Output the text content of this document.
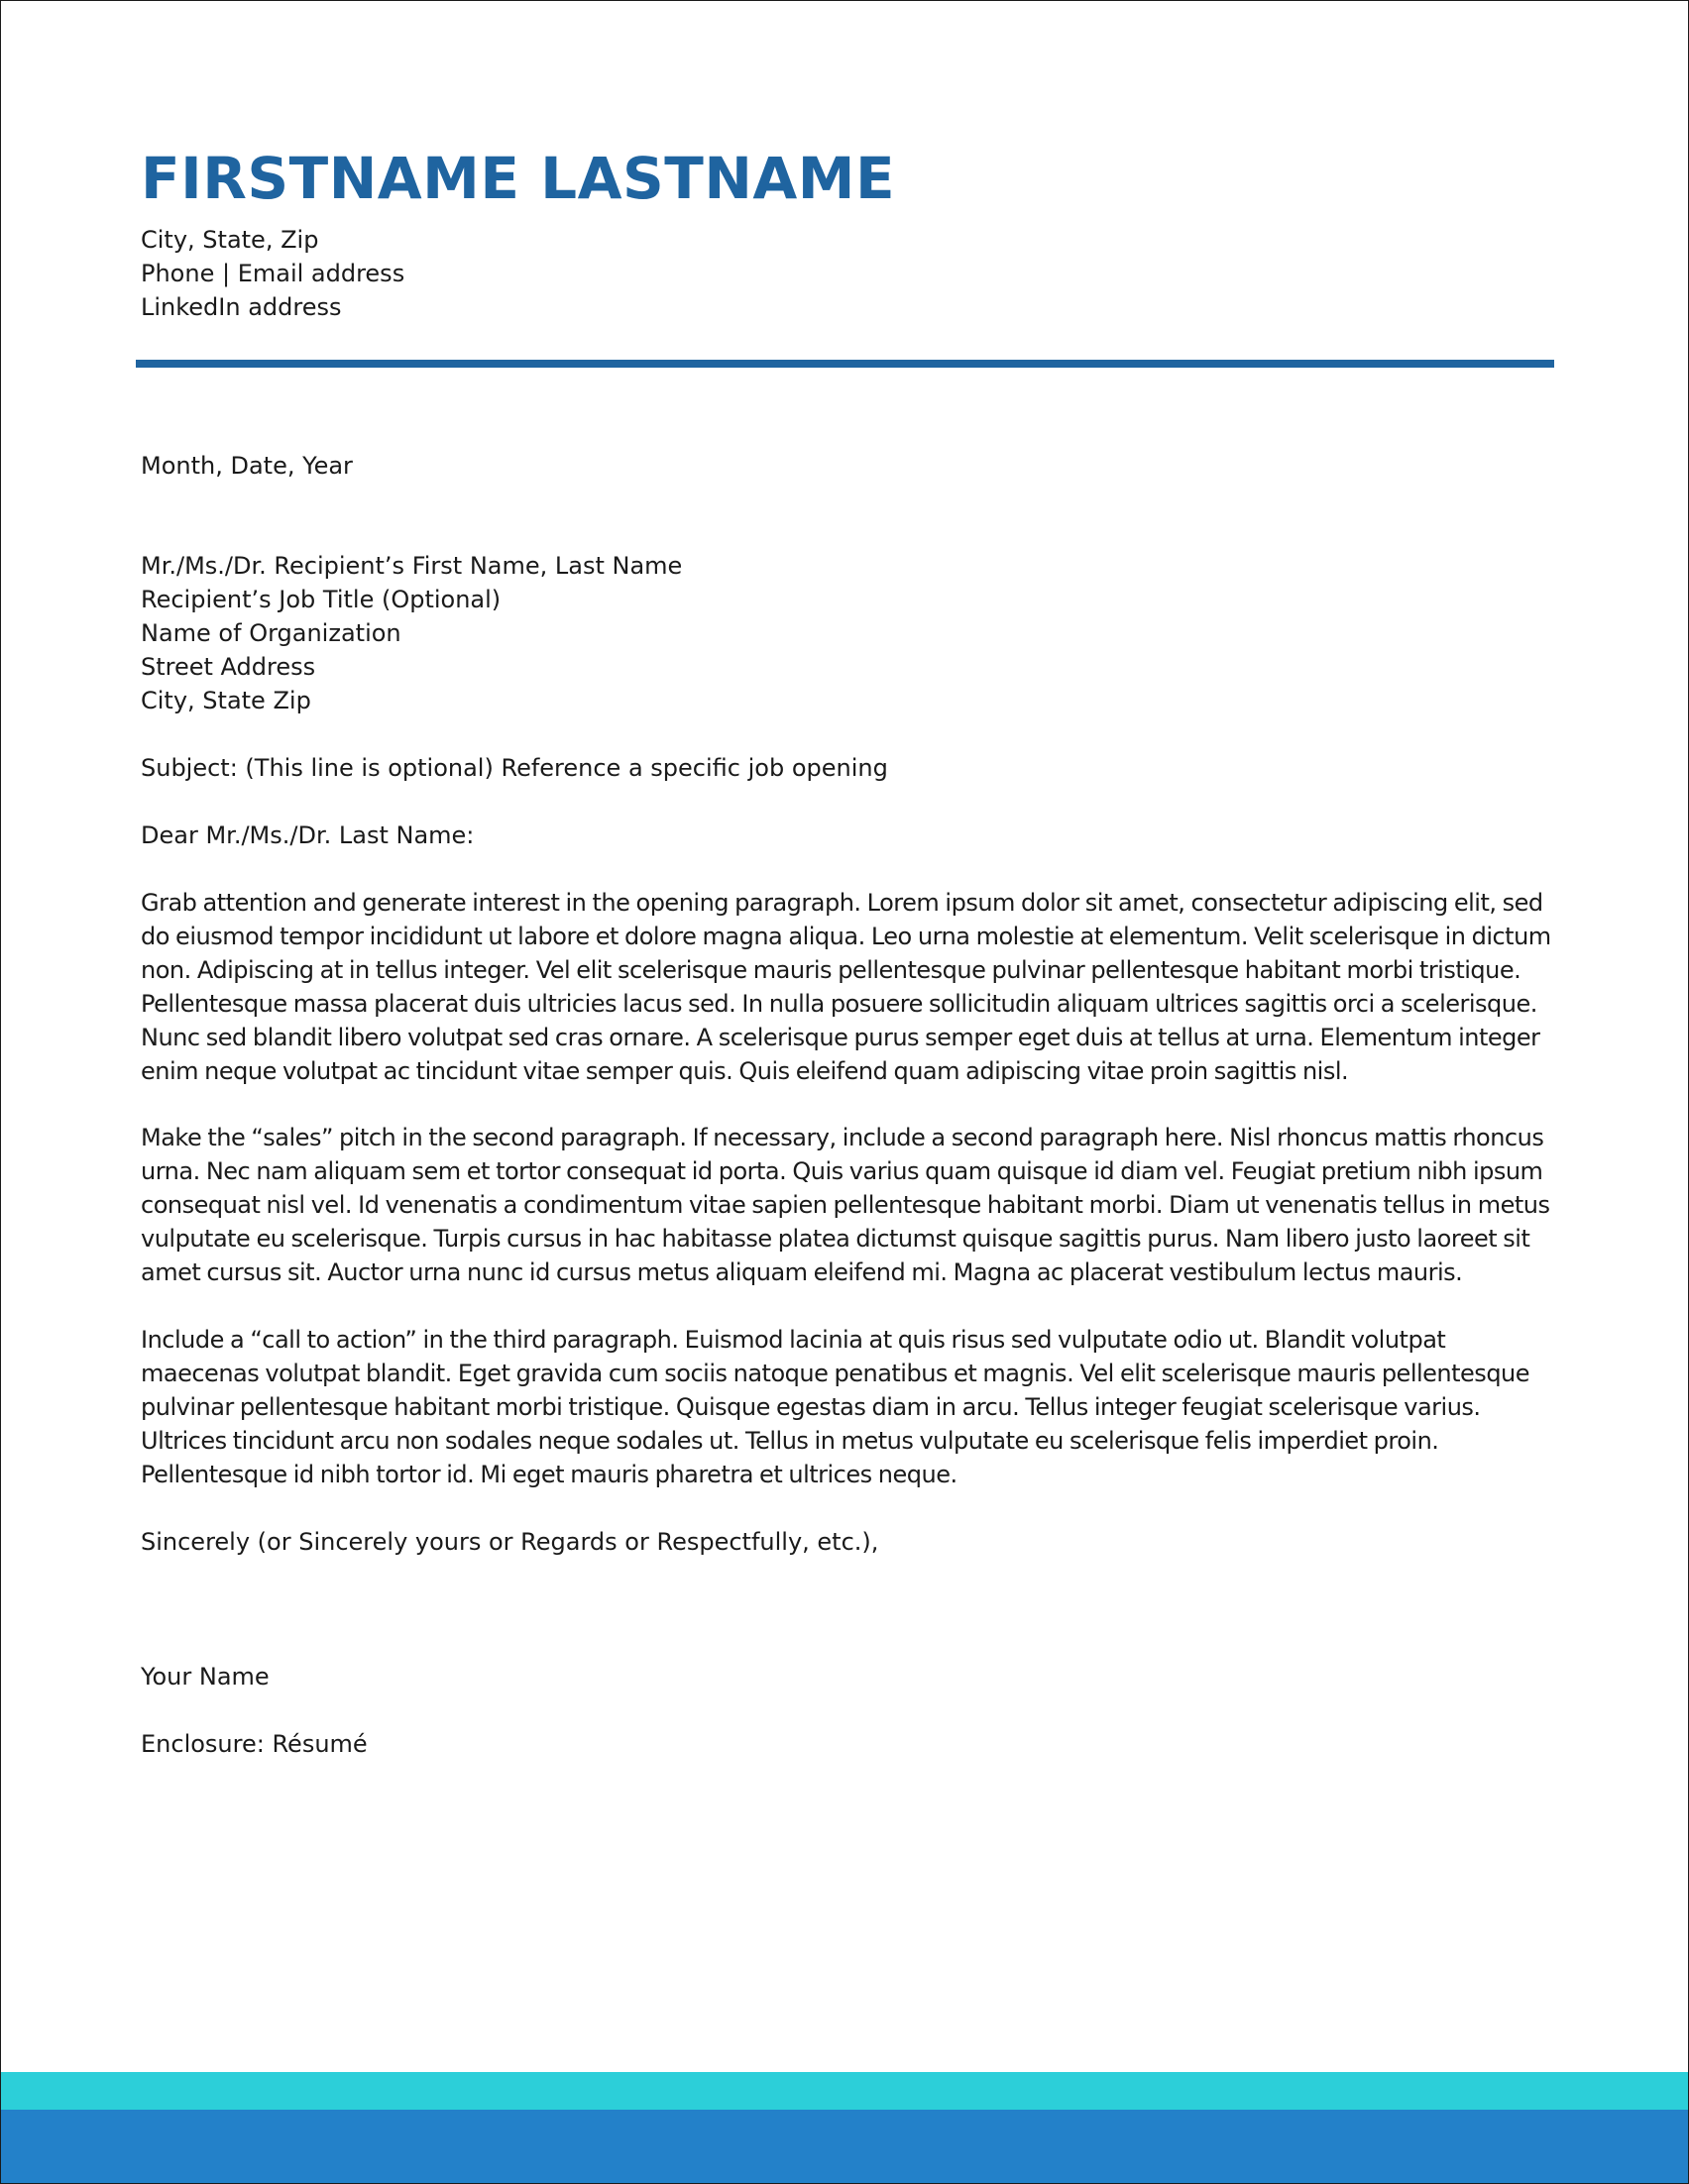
FIRSTNAME LASTNAME
City, State, Zip
Phone | Email address
LinkedIn address
Month, Date, Year
Mr./Ms./Dr. Recipient’s First Name, Last Name
Recipient’s Job Title (Optional)
Name of Organization
Street Address
City, State Zip
Subject: (This line is optional) Reference a specific job opening
Dear Mr./Ms./Dr. Last Name:

Grab attention and generate interest in the opening paragraph. Lorem ipsum dolor sit amet, consectetur adipiscing elit, sed do eiusmod tempor incididunt ut labore et dolore magna aliqua. Leo urna molestie at elementum. Velit scelerisque in dictum non. Adipiscing at in tellus integer. Vel elit scelerisque mauris pellentesque pulvinar pellentesque habitant morbi tristique. Pellentesque massa placerat duis ultricies lacus sed. In nulla posuere sollicitudin aliquam ultrices sagittis orci a scelerisque. Nunc sed blandit libero volutpat sed cras ornare. A scelerisque purus semper eget duis at tellus at urna. Elementum integer enim neque volutpat ac tincidunt vitae semper quis. Quis eleifend quam adipiscing vitae proin sagittis nisl.

Make the “sales” pitch in the second paragraph. If necessary, include a second paragraph here. Nisl rhoncus mattis rhoncus urna. Nec nam aliquam sem et tortor consequat id porta. Quis varius quam quisque id diam vel. Feugiat pretium nibh ipsum consequat nisl vel. Id venenatis a condimentum vitae sapien pellentesque habitant morbi. Diam ut venenatis tellus in metus vulputate eu scelerisque. Turpis cursus in hac habitasse platea dictumst quisque sagittis purus. Nam libero justo laoreet sit amet cursus sit. Auctor urna nunc id cursus metus aliquam eleifend mi. Magna ac placerat vestibulum lectus mauris.

Include a “call to action” in the third paragraph. Euismod lacinia at quis risus sed vulputate odio ut. Blandit volutpat maecenas volutpat blandit. Eget gravida cum sociis natoque penatibus et magnis. Vel elit scelerisque mauris pellentesque pulvinar pellentesque habitant morbi tristique. Quisque egestas diam in arcu. Tellus integer feugiat scelerisque varius. Ultrices tincidunt arcu non sodales neque sodales ut. Tellus in metus vulputate eu scelerisque felis imperdiet proin. Pellentesque id nibh tortor id. Mi eget mauris pharetra et ultrices neque.

Sincerely (or Sincerely yours or Regards or Respectfully, etc.),
Your Name
Enclosure: Résumé
